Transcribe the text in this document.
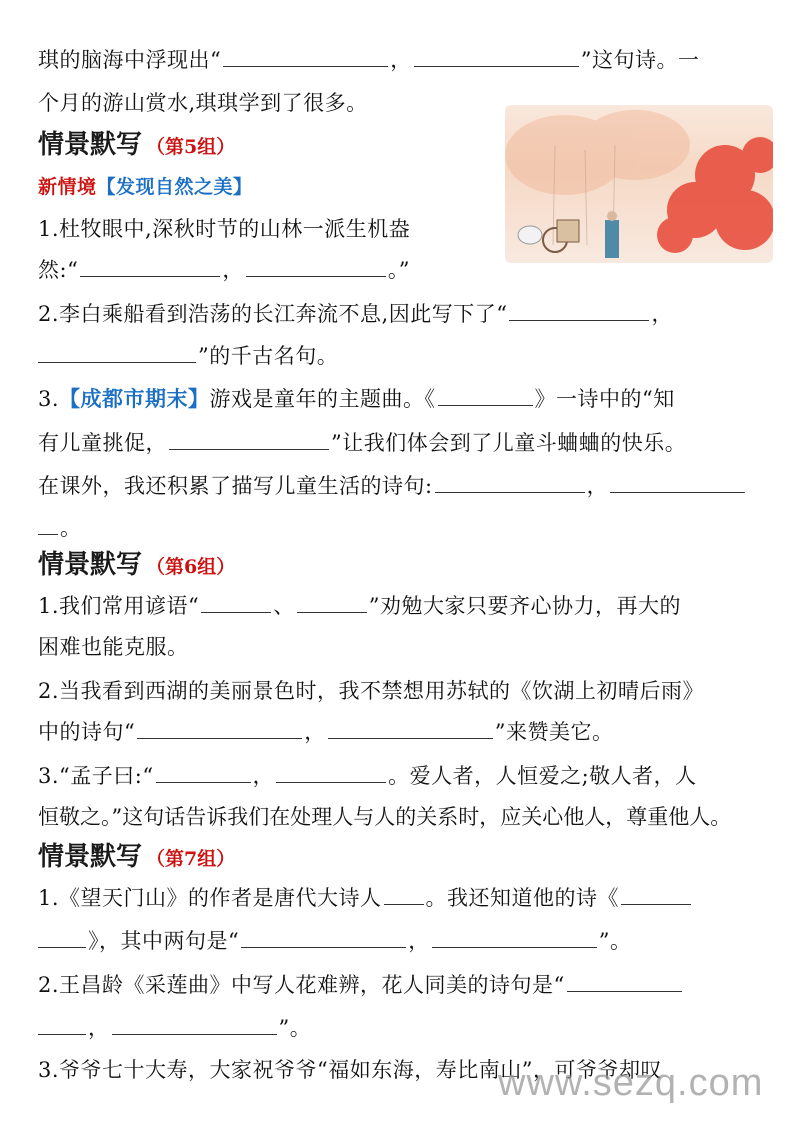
琪的脑海中浮现出“	，	”这句诗。一
个月的游山赏水,琪琪学到了很多。
情景默写 （第5组）
新情境【发现自然之美】
1.杜牧眼中,深秋时节的山林一派生机盎
然:“	，	。”
2.李白乘船看到浩荡的长江奔流不息,因此写下了“	，
”的千古名句。
3.【成都市期末】游戏是童年的主题曲。《	》一诗中的“知
有儿童挑促，	”让我们体会到了儿童斗蛐蛐的快乐。
在课外，我还积累了描写儿童生活的诗句:	，
。
情景默写 （第6组）
1.我们常用谚语“	、	”劝勉大家只要齐心协力，再大的
困难也能克服。
2.当我看到西湖的美丽景色时，我不禁想用苏轼的《饮湖上初晴后雨》
中的诗句“	，	”来赞美它。
3.“孟子曰:“	，	。爱人者，人恒爱之;敬人者，人
恒敬之。”这句话告诉我们在处理人与人的关系时，应关心他人，尊重他人。
情景默写 （第7组）
1.《望天门山》的作者是唐代大诗人 。我还知道他的诗《
》，其中两句是“	，	”。
2.王昌龄《采莲曲》中写人花难辨，花人同美的诗句是“
，	”。
3.爷爷七十大寿，大家祝爷爷“福如东海，寿比南山”，可爷爷却叹
www.sezq.com
